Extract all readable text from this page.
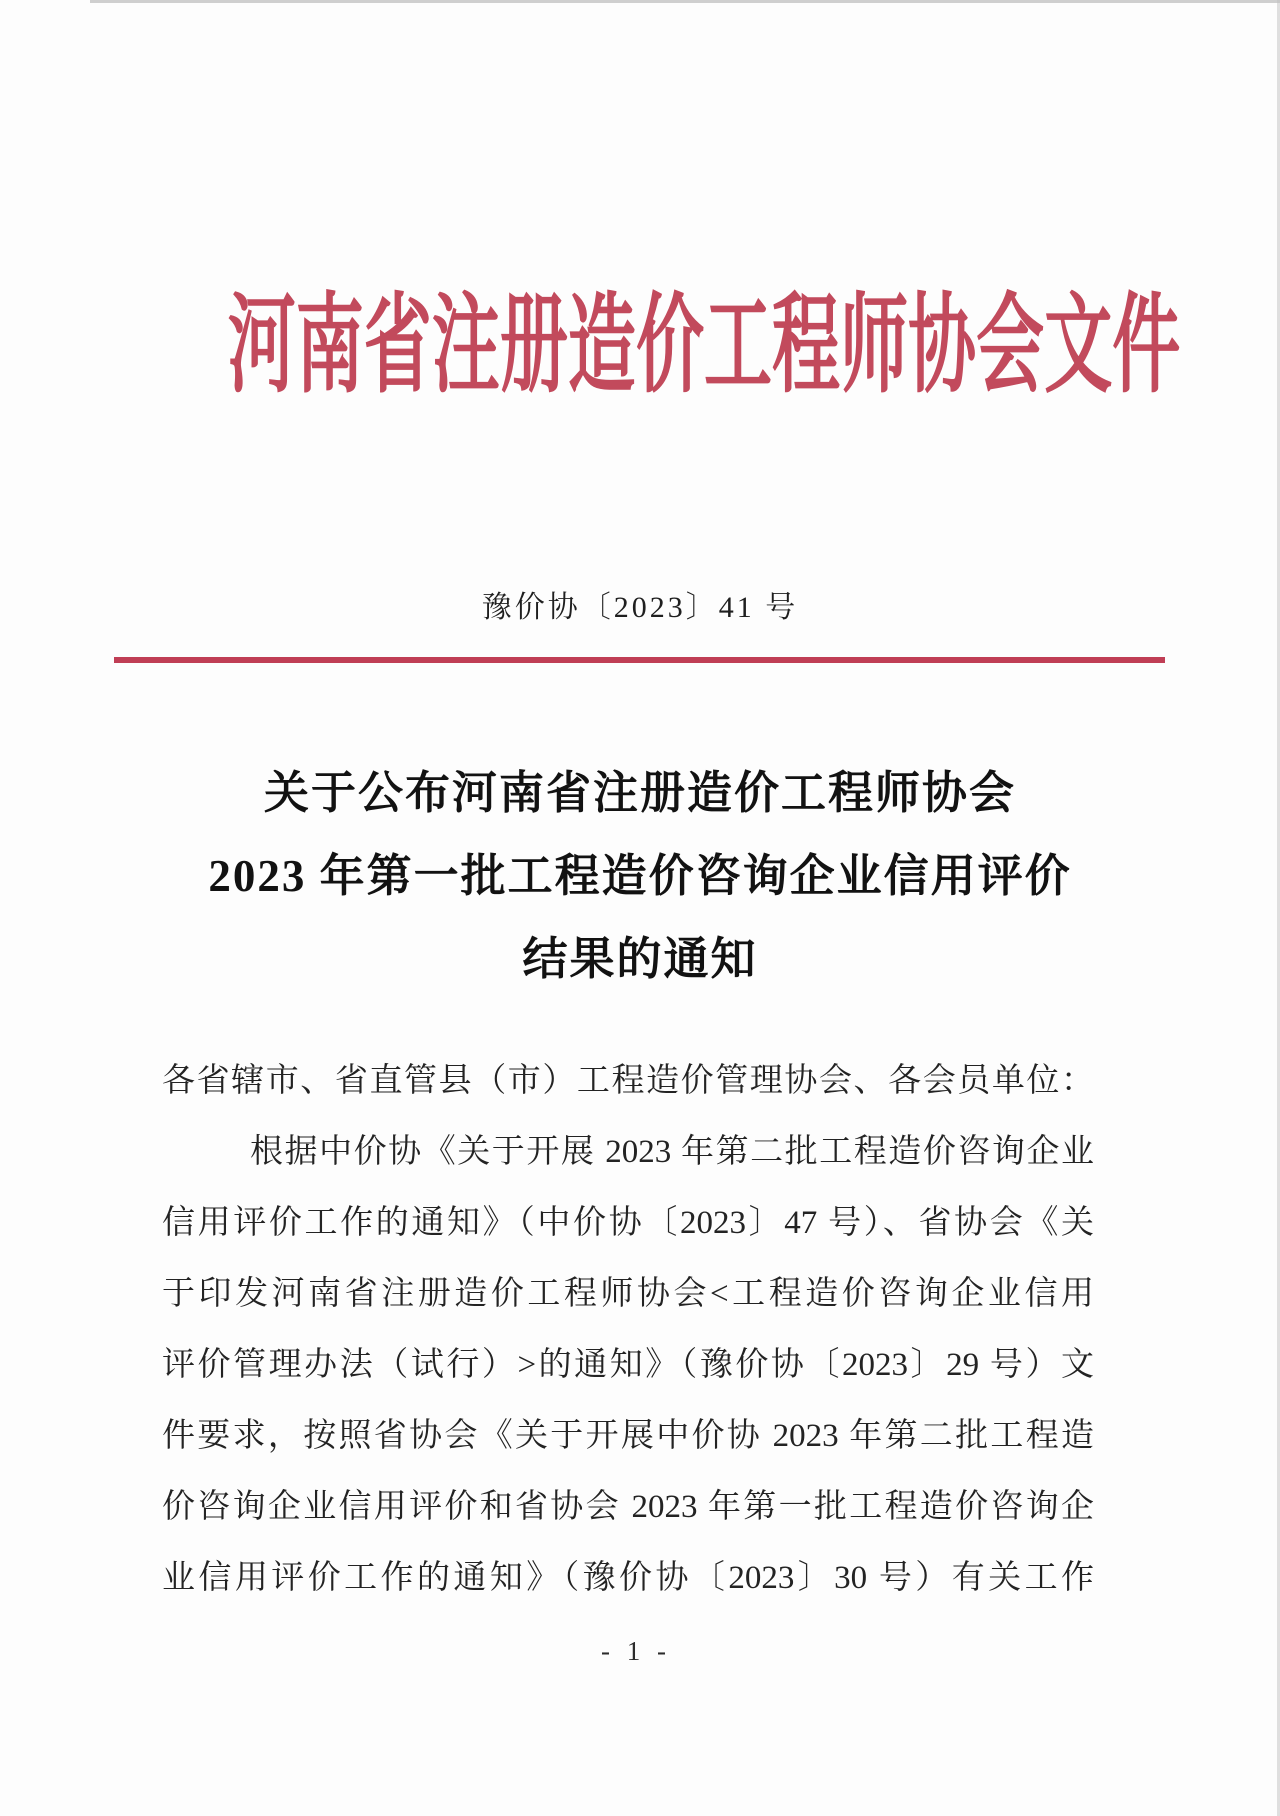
河南省注册造价工程师协会文件
豫价协〔2023〕41 号
关于公布河南省注册造价工程师协会
2023 年第一批工程造价咨询企业信用评价
结果的通知
各省辖市、省直管县（市）工程造价管理协会、各会员单位：
根据中价协《关于开展 2023 年第二批工程造价咨询企业
信用评价工作的通知》（中价协〔2023〕47 号）、省协会《关
于印发河南省注册造价工程师协会<工程造价咨询企业信用
评价管理办法（试行）>的通知》（豫价协〔2023〕29 号）文
件要求，按照省协会《关于开展中价协 2023 年第二批工程造
价咨询企业信用评价和省协会 2023 年第一批工程造价咨询企
业信用评价工作的通知》（豫价协〔2023〕30 号）有关工作
- 1 -
